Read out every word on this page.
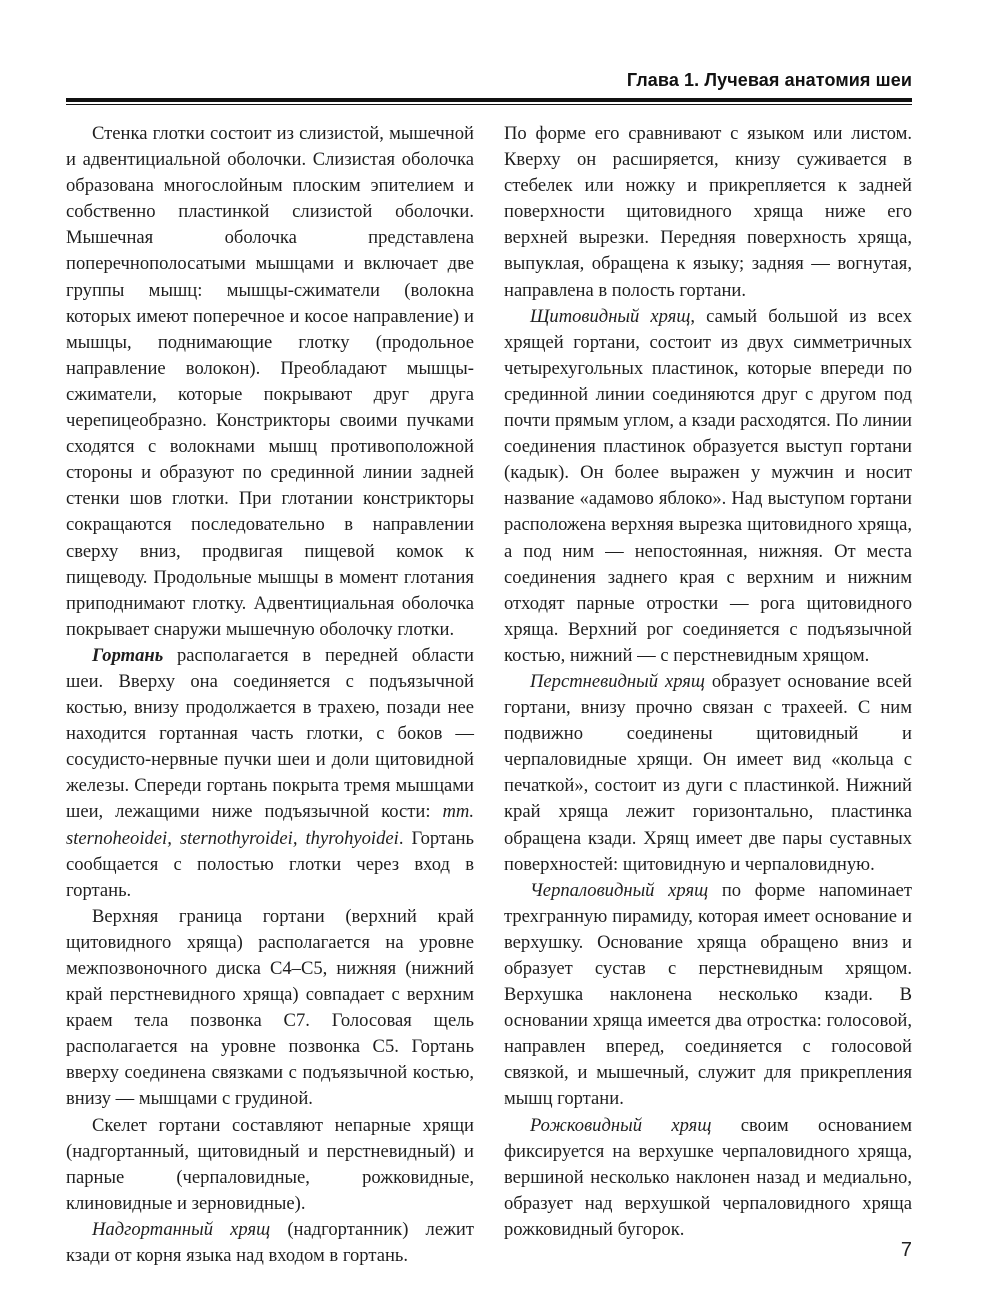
Глава 1. Лучевая анатомия шеи

Стенка глотки состоит из слизистой, мышечной и адвентициальной оболочки. Слизистая оболочка образована многослойным плоским эпителием и собственно пластинкой слизистой оболочки. Мышечная оболочка представлена поперечнополосатыми мышцами и включает две группы мышц: мышцы-сжиматели (волокна которых имеют поперечное и косое направление) и мышцы, поднимающие глотку (продольное направление волокон). Преобладают мышцы-сжиматели, которые покрывают друг друга черепицеобразно. Констрикторы своими пучками сходятся с волокнами мышц противоположной стороны и образуют по срединной линии задней стенки шов глотки. При глотании констрикторы сокращаются последовательно в направлении сверху вниз, продвигая пищевой комок к пищеводу. Продольные мышцы в момент глотания приподнимают глотку. Адвентициальная оболочка покрывает снаружи мышечную оболочку глотки.

Гортань располагается в передней области шеи. Вверху она соединяется с подъязычной костью, внизу продолжается в трахею, позади нее находится гортанная часть глотки, с боков — сосудисто-нервные пучки шеи и доли щитовидной железы. Спереди гортань покрыта тремя мышцами шеи, лежащими ниже подъязычной кости: mm. sternoheoidei, sternothyroidei, thyrohyoidei. Гортань сообщается с полостью глотки через вход в гортань.

Верхняя граница гортани (верхний край щитовидного хряща) располагается на уровне межпозвоночного диска C4–C5, нижняя (нижний край перстневидного хряща) совпадает с верхним краем тела позвонка C7. Голосовая щель располагается на уровне позвонка C5. Гортань вверху соединена связками с подъязычной костью, внизу — мышцами с грудиной.

Скелет гортани составляют непарные хрящи (надгортанный, щитовидный и перстневидный) и парные (черпаловидные, рожковидные, клиновидные и зерновидные).

Надгортанный хрящ (надгортанник) лежит кзади от корня языка над входом в гортань.

По форме его сравнивают с языком или листом. Кверху он расширяется, книзу суживается в стебелек или ножку и прикрепляется к задней поверхности щитовидного хряща ниже его верхней вырезки. Передняя поверхность хряща, выпуклая, обращена к языку; задняя — вогнутая, направлена в полость гортани.

Щитовидный хрящ, самый большой из всех хрящей гортани, состоит из двух симметричных четырехугольных пластинок, которые впереди по срединной линии соединяются друг с другом под почти прямым углом, а кзади расходятся. По линии соединения пластинок образуется выступ гортани (кадык). Он более выражен у мужчин и носит название «адамово яблоко». Над выступом гортани расположена верхняя вырезка щитовидного хряща, а под ним — непостоянная, нижняя. От места соединения заднего края с верхним и нижним отходят парные отростки — рога щитовидного хряща. Верхний рог соединяется с подъязычной костью, нижний — с перстневидным хрящом.

Перстневидный хрящ образует основание всей гортани, внизу прочно связан с трахеей. С ним подвижно соединены щитовидный и черпаловидные хрящи. Он имеет вид «кольца с печаткой», состоит из дуги с пластинкой. Нижний край хряща лежит горизонтально, пластинка обращена кзади. Хрящ имеет две пары суставных поверхностей: щитовидную и черпаловидную.

Черпаловидный хрящ по форме напоминает трехгранную пирамиду, которая имеет основание и верхушку. Основание хряща обращено вниз и образует сустав с перстневидным хрящом. Верхушка наклонена несколько кзади. В основании хряща имеется два отростка: голосовой, направлен вперед, соединяется с голосовой связкой, и мышечный, служит для прикрепления мышц гортани.

Рожковидный хрящ своим основанием фиксируется на верхушке черпаловидного хряща, вершиной несколько наклонен назад и медиально, образует над верхушкой черпаловидного хряща рожковидный бугорок.

7
